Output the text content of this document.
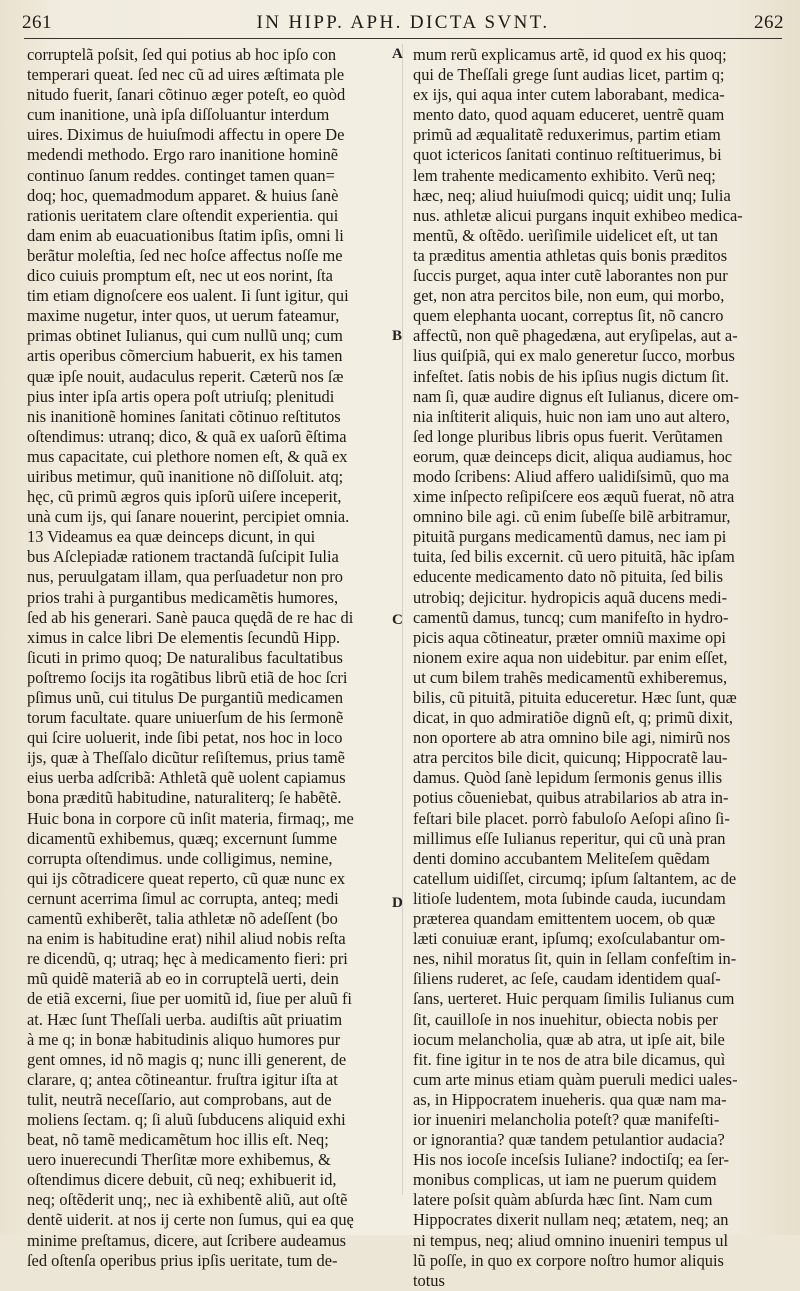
261	IN HIPP. APH. DICTA SVNT.	262
corruptelã poſsit, ſed qui potius ab hoc ipſo con
temperari queat. ſed nec cũ ad uires æſtimata ple
nitudo fuerit, ſanari cõtinuo æger poteſt, eo quòd
cum inanitione, unà ipſa diſſoluantur interdum
uires. Diximus de huiuſmodi affectu in opere De
medendi methodo. Ergo raro inanitione hominẽ
continuo ſanum reddes. continget tamen quan=
doq; hoc, quemadmodum apparet. & huius ſanè
rationis ueritatem clare oſtendit experientia. qui
dam enim ab euacuationibus ſtatim ipſis, omni li
berãtur moleſtia, ſed nec hoſce affectus noſſe me
dico cuiuis promptum eſt, nec ut eos norint, ſta
tim etiam dignoſcere eos ualent. Ii ſunt igitur, qui
maxime nugetur, inter quos, ut uerum fateamur,
primas obtinet Iulianus, qui cum nullũ unq; cum
artis operibus cõmercium habuerit, ex his tamen
quæ ipſe nouit, audaculus reperit. Cæterũ nos ſæ
pius inter ipſa artis opera poſt utriuſq; plenitudi
nis inanitionẽ homines ſanitati cõtinuo reſtitutos
oſtendimus: utranq; dico, & quã ex uaſorũ ẽſtima
mus capacitate, cui plethore nomen eſt, & quã ex
uiribus metimur, quũ inanitione nõ diſſoluit. atq;
hęc, cũ primũ ægros quis ipſorũ uiſere inceperit,
unà cum ijs, qui ſanare nouerint, percipiet omnia.
13 Videamus ea quæ deinceps dicunt, in qui
bus Aſclepiadæ rationem tractandã ſuſcipit Iulia
nus, peruulgatam illam, qua perſuadetur non pro
prios trahi à purgantibus medicamẽtis humores,
ſed ab his generari. Sanè pauca quędã de re hac di
ximus in calce libri De elementis ſecundũ Hipp.
ſicuti in primo quoq; De naturalibus facultatibus
poſtremo ſocijs ita rogãtibus librũ etiã de hoc ſcri
pſimus unũ, cui titulus De purgantiũ medicamen
torum facultate. quare uniuerſum de his ſermonẽ
qui ſcire uoluerit, inde ſibi petat, nos hoc in loco
ijs, quæ à Theſſalo dicũtur reſiſtemus, prius tamẽ
eius uerba adſcribã: Athletã quẽ uolent capiamus
bona præditũ habitudine, naturaliterq; ſe habẽtẽ.
Huic bona in corpore cũ inſit materia, firmaq;, me
dicamentũ exhibemus, quæq; excernunt ſumme
corrupta oſtendimus. unde colligimus, nemine,
qui ijs cõtradicere queat reperto, cũ quæ nunc ex
cernunt acerrima ſimul ac corrupta, anteq; medi
camentũ exhiberẽt, talia athletæ nõ adeſſent (bo
na enim is habitudine erat) nihil aliud nobis reſta
re dicendũ, q; utraq; hęc à medicamento fieri: pri
mũ quidẽ materiã ab eo in corruptelã uerti, dein
de etiã excerni, ſiue per uomitũ id, ſiue per aluũ fi
at. Hæc ſunt Theſſali uerba. audiſtis aũt priuatim
à me q; in bonæ habitudinis aliquo humores pur
gent omnes, id nõ magis q; nunc illi generent, de
clarare, q; antea cõtineantur. fruſtra igitur iſta at
tulit, neutrã neceſſario, aut comprobans, aut de
moliens ſectam. q; ſi aluũ ſubducens aliquid exhi
beat, nõ tamẽ medicamẽtum hoc illis eſt. Neq;
uero inuerecundi Therſitæ more exhibemus, &
oſtendimus dicere debuit, cũ neq; exhibuerit id,
neq; oſtẽderit unq;, nec ià exhibentẽ aliũ, aut oſtẽ
dentẽ uiderit. at nos ij certe non ſumus, qui ea quę
minime preſtamus, dicere, aut ſcribere audeamus
ſed oſtenſa operibus prius ipſis ueritate, tum de-
mum rerũ explicamus artẽ, id quod ex his quoq;
qui de Theſſali grege ſunt audias licet, partim q;
ex ijs, qui aqua inter cutem laborabant, medica-
mento dato, quod aquam educeret, uentrẽ quam
primũ ad æqualitatẽ reduxerimus, partim etiam
quot ictericos ſanitati continuo reſtituerimus, bi
lem trahente medicamento exhibito. Verũ neq;
hæc, neq; aliud huiuſmodi quicq; uidit unq; Iulia
nus. athletæ alicui purgans inquit exhibeo medica-
mentũ, & oſtẽdo. uerìſimile uidelicet eſt, ut tan
ta præditus amentia athletas quis bonis præditos
ſuccis purget, aqua inter cutẽ laborantes non pur
get, non atra percitos bile, non eum, qui morbo,
quem elephanta uocant, correptus ſit, nõ cancro
affectũ, non quẽ phagedæna, aut eryſipelas, aut a-
lius quiſpiã, qui ex malo generetur ſucco, morbus
infeſtet. ſatis nobis de his ipſius nugis dictum ſit.
nam ſi, quæ audire dignus eſt Iulianus, dicere om-
nia inſtiterit aliquis, huic non iam uno aut altero,
ſed longe pluribus libris opus fuerit. Verũtamen
eorum, quæ deinceps dicit, aliqua audiamus, hoc
modo ſcribens: Aliud affero ualidiſsimũ, quo ma
xime inſpecto reſipiſcere eos æquũ fuerat, nõ atra
omnino bile agi. cũ enim ſubeſſe bilẽ arbitramur,
pituitã purgans medicamentũ damus, nec iam pi
tuita, ſed bilis excernit. cũ uero pituitã, hãc ipſam
educente medicamento dato nõ pituita, ſed bilis
utrobiq; dejicitur. hydropicis aquã ducens medi-
camentũ damus, tuncq; cum manifeſto in hydro-
picis aqua cõtineatur, præter omniũ maxime opi
nionem exire aqua non uidebitur. par enim eſſet,
ut cum bilem trahẽs medicamentũ exhiberemus,
bilis, cũ pituitã, pituita educeretur. Hæc ſunt, quæ
dicat, in quo admiratiõe dignũ eſt, q; primũ dixit,
non oportere ab atra omnino bile agi, nimirũ nos
atra percitos bile dicit, quicunq; Hippocratẽ lau-
damus. Quòd ſanè lepidum ſermonis genus illis
potius cõueniebat, quibus atrabilarios ab atra in-
feſtari bile placet. porrò fabuloſo Aeſopi aſino ſi-
millimus eſſe Iulianus reperitur, qui cũ unà pran
denti domino accubantem Meliteſem quẽdam
catellum uidiſſet, circumq; ipſum ſaltantem, ac de
litioſe ludentem, mota ſubinde cauda, iucundam
præterea quandam emittentem uocem, ob quæ
læti conuiuæ erant, ipſumq; exoſculabantur om-
nes, nihil moratus ſit, quin in ſellam confeſtim in-
ſiliens ruderet, ac ſeſe, caudam identidem quaſ-
ſans, uerteret. Huic perquam ſimilis Iulianus cum
ſit, cauilloſe in nos inuehitur, obiecta nobis per
iocum melancholia, quæ ab atra, ut ipſe ait, bile
fit. fine igitur in te nos de atra bile dicamus, quì
cum arte minus etiam quàm pueruli medici uales-
as, in Hippocratem inueheris. qua quæ nam ma-
ior inueniri melancholia poteſt? quæ manifeſti-
or ignorantia? quæ tandem petulantior audacia?
His nos iocoſe inceſsis Iuliane? indoctiſq; ea ſer-
monibus complicas, ut iam ne puerum quidem
latere poſsit quàm abſurda hæc ſint. Nam cum
Hippocrates dixerit nullam neq; ætatem, neq; an
ni tempus, neq; aliud omnino inueniri tempus ul
lũ poſſe, in quo ex corpore noſtro humor aliquis
totus
A
B
C
D
